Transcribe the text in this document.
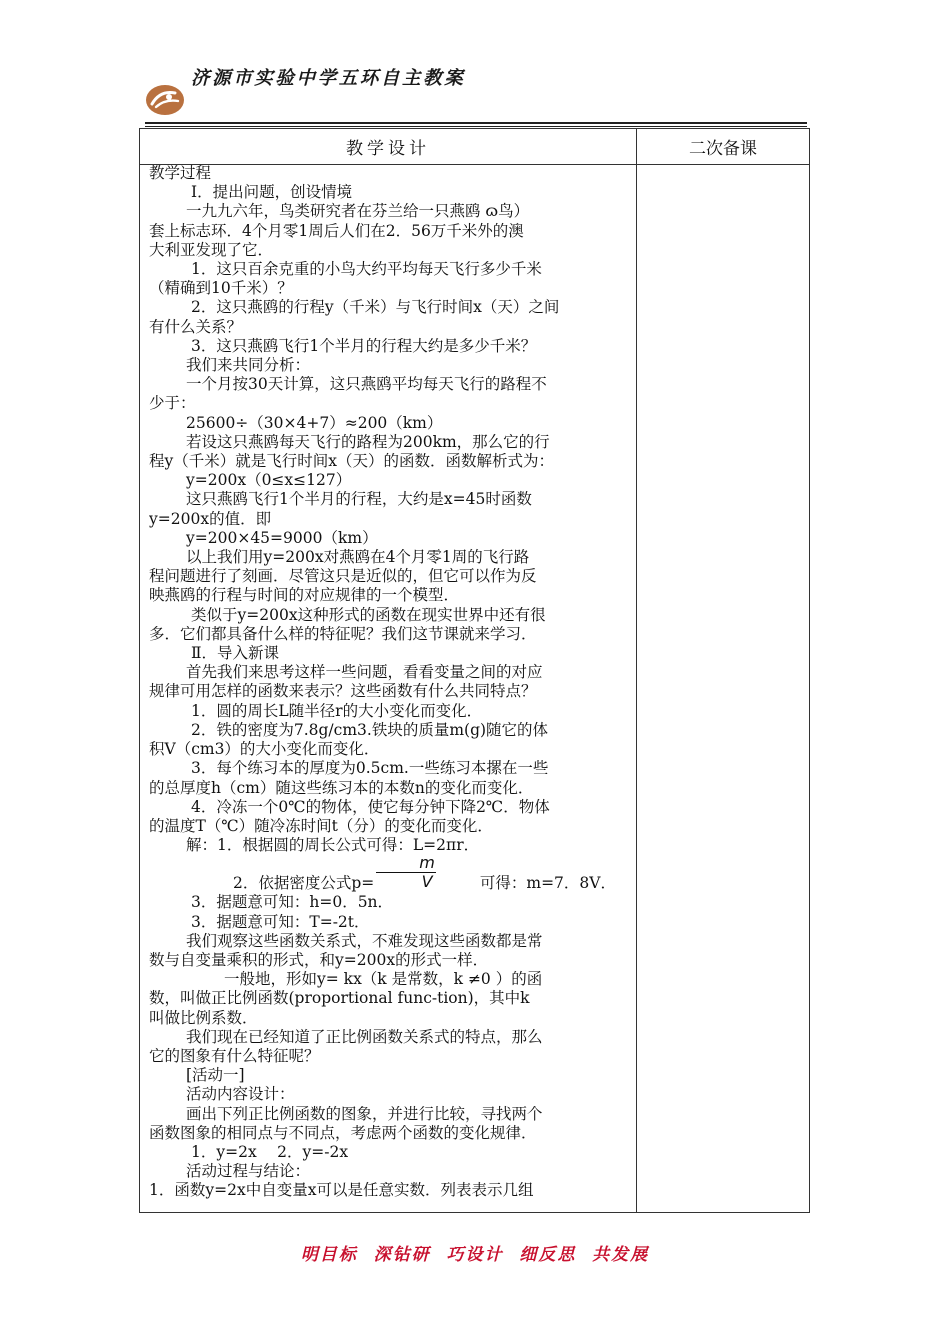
济源市实验中学五环自主教案
教学设计	二次备课

教学过程

Ⅰ．提出问题，创设情境

一九九六年，鸟类研究者在芬兰给一只燕鸥 ɷ鸟）

套上标志环．4个月零1周后人们在2．56万千米外的澳

大利亚发现了它．

1．这只百余克重的小鸟大约平均每天飞行多少千米

（精确到10千米）？

2．这只燕鸥的行程y（千米）与飞行时间x（天）之间

有什么关系？

3．这只燕鸥飞行1个半月的行程大约是多少千米？

我们来共同分析：

一个月按30天计算，这只燕鸥平均每天飞行的路程不

少于：

25600÷（30×4+7）≈200（km）

若设这只燕鸥每天飞行的路程为200km，那么它的行

程y（千米）就是飞行时间x（天）的函数．函数解析式为：

y=200x（0≤x≤127）

这只燕鸥飞行1个半月的行程，大约是x=45时函数

y=200x的值．即

y=200×45=9000（km）

以上我们用y=200x对燕鸥在4个月零1周的飞行路

程问题进行了刻画．尽管这只是近似的，但它可以作为反

映燕鸥的行程与时间的对应规律的一个模型．

类似于y=200x这种形式的函数在现实世界中还有很

多．它们都具备什么样的特征呢？我们这节课就来学习．

Ⅱ．导入新课

首先我们来思考这样一些问题，看看变量之间的对应

规律可用怎样的函数来表示？这些函数有什么共同特点？

1．圆的周长L随半径r的大小变化而变化．

2．铁的密度为7.8g/cm3.铁块的质量m(g)随它的体

积V（cm3）的大小变化而变化．

3．每个练习本的厚度为0.5cm.一些练习本摞在一些

的总厚度h（cm）随这些练习本的本数n的变化而变化．

4．冷冻一个0℃的物体，使它每分钟下降2℃．物体

的温度T（℃）随冷冻时间t（分）的变化而变化．

解：1．根据圆的周长公式可得：L=2πr．

2．依据密度公式$p= \frac{m}{V}$	可得：m=7．8V．

3．据题意可知：h=0．5n．

3．据题意可知：T=-2t．

我们观察这些函数关系式，不难发现这些函数都是常

数与自变量乘积的形式，和y=200x的形式一样．

一般地，形如y= kx（k 是常数，k ≠0 ）的函

数，叫做正比例函数(proportional func-tion)，其中k

叫做比例系数．

我们现在已经知道了正比例函数关系式的特点，那么

它的图象有什么特征呢？

[活动一]

活动内容设计：

画出下列正比例函数的图象，并进行比较，寻找两个

函数图象的相同点与不同点，考虑两个函数的变化规律．

1．y=2x　 2．y=-2x

活动过程与结论：

1．函数y=2x中自变量x可以是任意实数．列表表示几组

明目标  深钻研  巧设计  细反思  共发展
